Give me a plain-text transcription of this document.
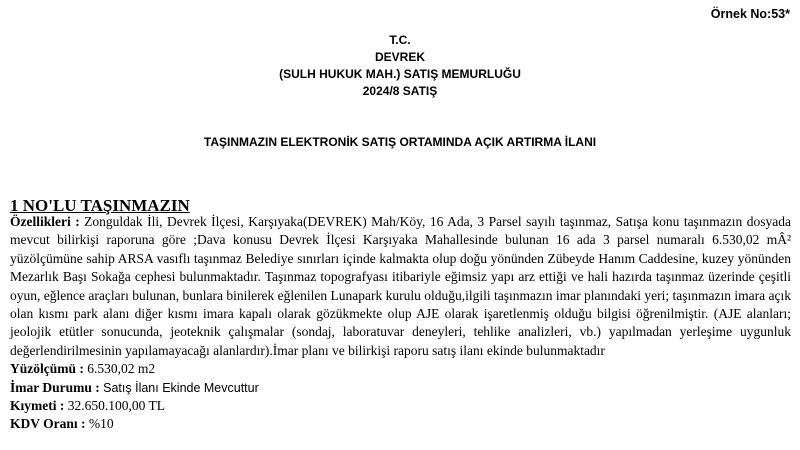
Örnek No:53*
T.C.
DEVREK
(SULH HUKUK MAH.) SATIŞ MEMURLUĞU
2024/8 SATIŞ
TAŞINMAZIN ELEKTRONİK SATIŞ ORTAMINDA AÇIK ARTIRMA İLANI
1 NO'LU TAŞINMAZIN

Özellikleri : Zonguldak İli, Devrek İlçesi, Karşıyaka(DEVREK) Mah/Köy, 16 Ada, 3 Parsel sayılı taşınmaz, Satışa konu taşınmazın dosyada mevcut bilirkişi raporuna göre ;Dava konusu Devrek İlçesi Karşıyaka Mahallesinde bulunan 16 ada 3 parsel numaralı 6.530,02 mÂ² yüzölçümüne sahip ARSA vasıflı taşınmaz Belediye sınırları içinde kalmakta olup doğu yönünden Zübeyde Hanım Caddesine, kuzey yönünden Mezarlık Başı Sokağa cephesi bulunmaktadır. Taşınmaz topografyası itibariyle eğimsiz yapı arz ettiği ve hali hazırda taşınmaz üzerinde çeşitli oyun, eğlence araçları bulunan, bunlara binilerek eğlenilen Lunapark kurulu olduğu,ilgili taşınmazın imar planındaki yeri; taşınmazın imara açık olan kısmı park alanı diğer kısmı imara kapalı olarak gözükmekte olup AJE olarak işaretlenmiş olduğu bilgisi öğrenilmiştir. (AJE alanları; jeolojik etütler sonucunda, jeoteknik çalışmalar (sondaj, laboratuvar deneyleri, tehlike analizleri, vb.) yapılmadan yerleşime uygunluk değerlendirilmesinin yapılamayacağı alanlardır).İmar planı ve bilirkişi raporu satış ilanı ekinde bulunmaktadır

Yüzölçümü : 6.530,02 m2

İmar Durumu : Satış İlanı Ekinde Mevcuttur

Kıymeti : 32.650.100,00 TL

KDV Oranı : %10
